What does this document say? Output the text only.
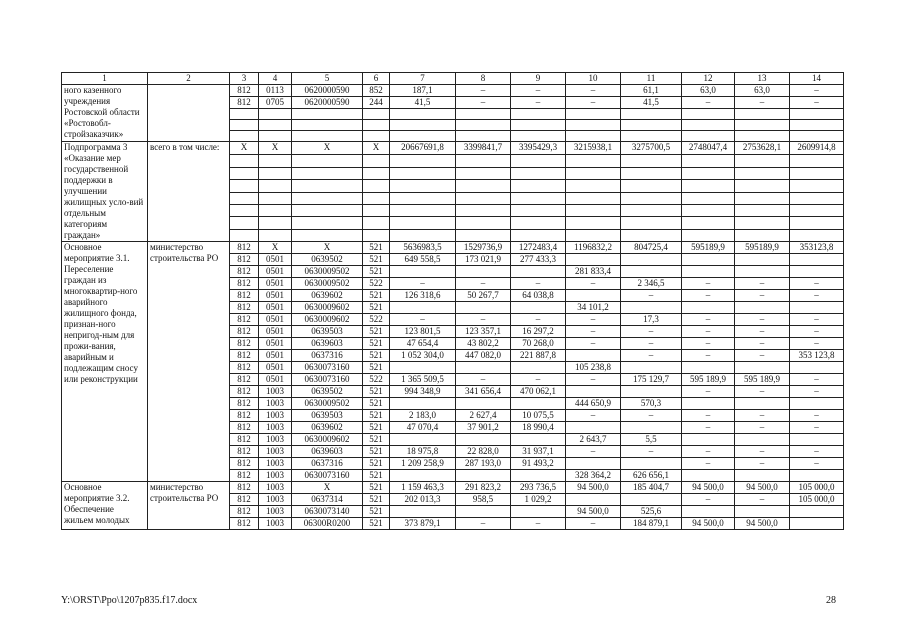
1	2	3	4	5	6	7	8	9	10	11	12	13	14
ного казенного учреждения Ростовской области «Ростовобл-стройзаказчик»		812	0113	0620000590	852	187,1	–	–	–	61,1	63,0	63,0	–
		812	0705	0620000590	244	41,5	–	–	–	41,5	–	–	–

Подпрограмма 3 «Оказание мер государственной поддержки в улучшении жилищных усло-вий отдельным категориям граждан»	всего в том числе:	X	X	X	X	20667691,8	3399841,7	3395429,3	3215938,1	3275700,5	2748047,4	2753628,1	2609914,8

Основное мероприятие 3.1. Переселение граждан из многоквартир-ного аварийного жилищного фонда, признан-ного непригод-ным для прожи-вания, аварийным и подлежащим сносу или реконструкции	министерство строительства РО	812	X	X	521	5636983,5	1529736,9	1272483,4	1196832,2	804725,4	595189,9	595189,9	353123,8
		812	0501	0639502	521	649 558,5	173 021,9	277 433,3					
		812	0501	0630009502	521				281 833,4				
		812	0501	0630009502	522	–	–	–	–	2 346,5	–	–	–
		812	0501	0639602	521	126 318,6	50 267,7	64 038,8		–	–	–	–
		812	0501	0630009602	521				34 101,2				
		812	0501	0630009602	522	–	–	–	–	17,3	–	–	–
		812	0501	0639503	521	123 801,5	123 357,1	16 297,2	–	–	–	–	–
		812	0501	0639603	521	47 654,4	43 802,2	70 268,0	–	–	–	–	–
		812	0501	0637316	521	1 052 304,0	447 082,0	221 887,8		–	–	–	353 123,8
		812	0501	0630073160	521				105 238,8				
		812	0501	0630073160	522	1 365 509,5	–	–	–	175 129,7	595 189,9	595 189,9	–
		812	1003	0639502	521	994 348,9	341 656,4	470 062,1			–	–	–
		812	1003	0630009502	521				444 650,9	570,3			
		812	1003	0639503	521	2 183,0	2 627,4	10 075,5	–	–	–	–	–
		812	1003	0639602	521	47 070,4	37 901,2	18 990,4			–	–	–
		812	1003	0630009602	521				2 643,7	5,5			
		812	1003	0639603	521	18 975,8	22 828,0	31 937,1	–	–	–	–	–
		812	1003	0637316	521	1 209 258,9	287 193,0	91 493,2			–	–	–
		812	1003	0630073160	521				328 364,2	626 656,1			
Основное мероприятие 3.2. Обеспечение жильем молодых	министерство строительства РО	812	1003	X	521	1 159 463,3	291 823,2	293 736,5	94 500,0	185 404,7	94 500,0	94 500,0	105 000,0
		812	1003	0637314	521	202 013,3	958,5	1 029,2			–	–	105 000,0
		812	1003	0630073140	521				94 500,0	525,6			
		812	1003	06300R0200	521	373 879,1	–	–	–	184 879,1	94 500,0	94 500,0	
Y:\ORST\Ppo\1207p835.f17.docx	28
